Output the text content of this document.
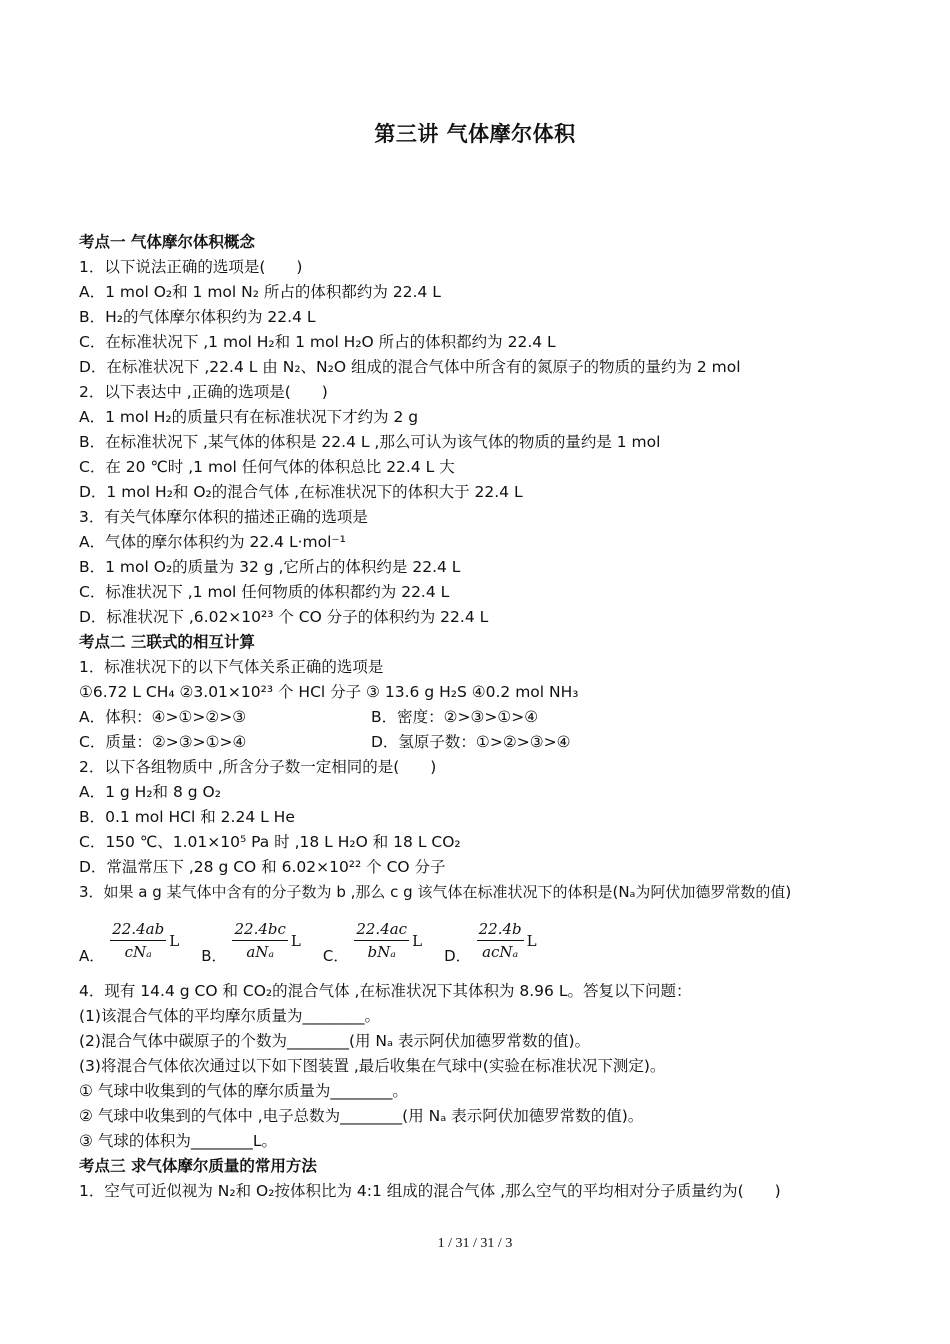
第三讲 气体摩尔体积
考点一 气体摩尔体积概念
1．以下说法正确的选项是(　　)
A．1 mol O₂和 1 mol N₂ 所占的体积都约为 22.4 L
B．H₂的气体摩尔体积约为 22.4 L
C．在标准状况下 ,1 mol H₂和 1 mol H₂O 所占的体积都约为 22.4 L
D．在标准状况下 ,22.4 L 由 N₂、N₂O 组成的混合气体中所含有的氮原子的物质的量约为 2 mol
2．以下表达中 ,正确的选项是(　　)
A．1 mol H₂的质量只有在标准状况下才约为 2 g
B．在标准状况下 ,某气体的体积是 22.4 L ,那么可认为该气体的物质的量约是 1 mol
C．在 20 ℃时 ,1 mol 任何气体的体积总比 22.4 L 大
D．1 mol H₂和 O₂的混合气体 ,在标准状况下的体积大于 22.4 L
3．有关气体摩尔体积的描述正确的选项是
A．气体的摩尔体积约为 22.4 L·mol⁻¹
B．1 mol O₂的质量为 32 g ,它所占的体积约是 22.4 L
C．标准状况下 ,1 mol 任何物质的体积都约为 22.4 L
D．标准状况下 ,6.02×10²³ 个 CO 分子的体积约为 22.4 L
考点二 三联式的相互计算
1．标准状况下的以下气体关系正确的选项是
①6.72 L CH₄ ②3.01×10²³ 个 HCl 分子 ③ 13.6 g H₂S ④0.2 mol NH₃
A．体积：④>①>②>③	B．密度：②>③>①>④
C．质量：②>③>①>④	D．氢原子数：①>②>③>④
2．以下各组物质中 ,所含分子数一定相同的是(　　)
A．1 g H₂和 8 g O₂
B．0.1 mol HCl 和 2.24 L He
C．150 ℃、1.01×10⁵ Pa 时 ,18 L H₂O 和 18 L CO₂
D．常温常压下 ,28 g CO 和 6.02×10²² 个 CO 分子
3．如果 a g 某气体中含有的分子数为 b ,那么 c g 该气体在标准状况下的体积是(Nₐ为阿伏加德罗常数的值)
A． $\frac{22.4ab}{\text{cNₐ}}$ L
B． $\frac{22.4bc}{\text{aNₐ}}$ L
C． $\frac{22.4ac}{\text{bNₐ}}$ L
D． $\frac{22.4b}{\text{acNₐ}}$ L
4．现有 14.4 g CO 和 CO₂的混合气体 ,在标准状况下其体积为 8.96 L。答复以下问题：
(1)该混合气体的平均摩尔质量为________。
(2)混合气体中碳原子的个数为________(用 Nₐ 表示阿伏加德罗常数的值)。
(3)将混合气体依次通过以下如下图装置 ,最后收集在气球中(实验在标准状况下测定)。
① 气球中收集到的气体的摩尔质量为________。
② 气球中收集到的气体中 ,电子总数为________(用 Nₐ 表示阿伏加德罗常数的值)。
③ 气球的体积为________L。
考点三 求气体摩尔质量的常用方法
1．空气可近似视为 N₂和 O₂按体积比为 4:1 组成的混合气体 ,那么空气的平均相对分子质量约为(　　)
1 / 31 / 31 / 3
